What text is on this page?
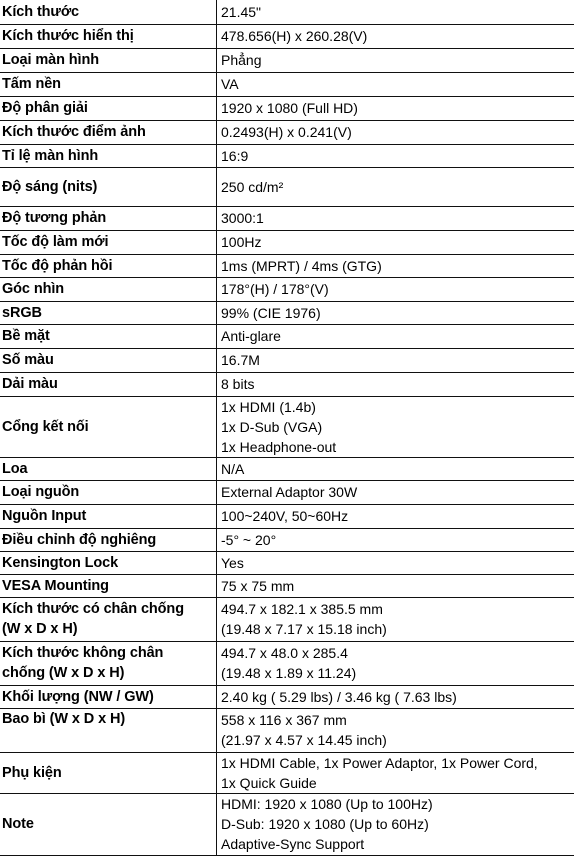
Kích thước	21.45"

Kích thước hiển thị	478.656(H) x 260.28(V)

Loại màn hình	Phẳng

Tấm nền	VA

Độ phân giải	1920 x 1080 (Full HD)

Kích thước điểm ảnh	0.2493(H) x 0.241(V)

Tỉ lệ màn hình	16:9

Độ sáng (nits)	250 cd/m²

Độ tương phản	3000:1

Tốc độ làm mới	100Hz

Tốc độ phản hồi	1ms (MPRT) / 4ms (GTG)

Góc nhìn	178°(H) / 178°(V)

sRGB	99% (CIE 1976)

Bề mặt	Anti-glare

Số màu	16.7M

Dải màu	8 bits

Cổng kết nối	1x HDMI (1.4b)
1x D-Sub (VGA)
1x Headphone-out

Loa	N/A

Loại nguồn	External Adaptor 30W

Nguồn Input	100~240V, 50~60Hz

Điều chỉnh độ nghiêng	-5° ~ 20°

Kensington Lock	Yes

VESA Mounting	75 x 75 mm

Kích thước có chân chống
(W x D x H)	494.7 x 182.1 x 385.5 mm
(19.48 x 7.17 x 15.18 inch)

Kích thước không chân
chống (W x D x H)	494.7 x 48.0 x 285.4
(19.48 x 1.89 x 11.24)

Khối lượng (NW / GW)	2.40 kg ( 5.29 lbs) / 3.46 kg ( 7.63 lbs)

Bao bì (W x D x H)	558 x 116 x 367 mm
(21.97 x 4.57 x 14.45 inch)

Phụ kiện	1x HDMI Cable, 1x Power Adaptor, 1x Power Cord,
1x Quick Guide

Note	HDMI: 1920 x 1080 (Up to 100Hz)
D-Sub: 1920 x 1080 (Up to 60Hz)
Adaptive-Sync Support
